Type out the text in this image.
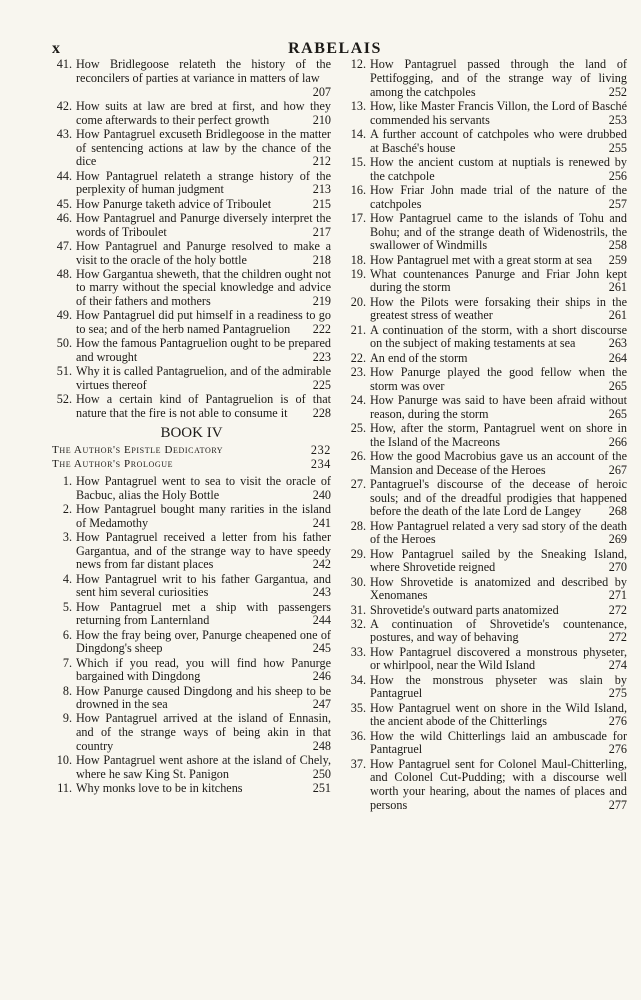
x	RABELAIS
41. How Bridlegoose relateth the history of the reconcilers of parties at variance in matters of law
207
42. How suits at law are bred at first, and how they come afterwards to their perfect growth	210
43. How Pantagruel excuseth Bridlegoose in the matter of sentencing actions at law by the chance of the dice	212
44. How Pantagruel relateth a strange history of the perplexity of human judgment	213
45. How Panurge taketh advice of Triboulet	215
46. How Pantagruel and Panurge diversely interpret the words of Triboulet	217
47. How Pantagruel and Panurge resolved to make a visit to the oracle of the holy bottle	218
48. How Gargantua sheweth, that the children ought not to marry without the special knowledge and advice of their fathers and mothers	219
49. How Pantagruel did put himself in a readiness to go to sea; and of the herb named Pantagruelion 222
50. How the famous Pantagruelion ought to be prepared and wrought	223
51. Why it is called Pantagruelion, and of the admirable virtues thereof	225
52. How a certain kind of Pantagruelion is of that nature that the fire is not able to consume it 228
BOOK IV
The Author's Epistle Dedicatory	232
The Author's Prologue	234
1. How Pantagruel went to sea to visit the oracle of Bacbuc, alias the Holy Bottle	240
2. How Pantagruel bought many rarities in the island of Medamothy	241
3. How Pantagruel received a letter from his father Gargantua, and of the strange way to have speedy news from far distant places	242
4. How Pantagruel writ to his father Gargantua, and sent him several curiosities	243
5. How Pantagruel met a ship with passengers returning from Lanternland	244
6. How the fray being over, Panurge cheapened one of Dingdong's sheep	245
7. Which if you read, you will find how Panurge bargained with Dingdong	246
8. How Panurge caused Dingdong and his sheep to be drowned in the sea	247
9. How Pantagruel arrived at the island of Ennasin, and of the strange ways of being akin in that country	248
10. How Pantagruel went ashore at the island of Chely, where he saw King St. Panigon	250
11. Why monks love to be in kitchens	251
12. How Pantagruel passed through the land of Pettifogging, and of the strange way of living among the catchpoles	252
13. How, like Master Francis Villon, the Lord of Basché commended his servants	253
14. A further account of catchpoles who were drubbed at Basché's house	255
15. How the ancient custom at nuptials is renewed by the catchpole	256
16. How Friar John made trial of the nature of the catchpoles	257
17. How Pantagruel came to the islands of Tohu and Bohu; and of the strange death of Widenostrils, the swallower of Windmills	258
18. How Pantagruel met with a great storm at sea 259
19. What countenances Panurge and Friar John kept during the storm	261
20. How the Pilots were forsaking their ships in the greatest stress of weather	261
21. A continuation of the storm, with a short discourse on the subject of making testaments at sea	263
22. An end of the storm	264
23. How Panurge played the good fellow when the storm was over	265
24. How Panurge was said to have been afraid without reason, during the storm	265
25. How, after the storm, Pantagruel went on shore in the Island of the Macreons	266
26. How the good Macrobius gave us an account of the Mansion and Decease of the Heroes	267
27. Pantagruel's discourse of the decease of heroic souls; and of the dreadful prodigies that happened before the death of the late Lord de Langey 268
28. How Pantagruel related a very sad story of the death of the Heroes	269
29. How Pantagruel sailed by the Sneaking Island, where Shrovetide reigned	270
30. How Shrovetide is anatomized and described by Xenomanes	271
31. Shrovetide's outward parts anatomized	272
32. A continuation of Shrovetide's countenance, postures, and way of behaving	272
33. How Pantagruel discovered a monstrous physeter, or whirlpool, near the Wild Island	274
34. How the monstrous physeter was slain by Pantagruel	275
35. How Pantagruel went on shore in the Wild Island, the ancient abode of the Chitterlings	276
36. How the wild Chitterlings laid an ambuscade for Pantagruel	276
37. How Pantagruel sent for Colonel Maul-Chitterling, and Colonel Cut-Pudding; with a discourse well worth your hearing, about the names of places and persons	277
